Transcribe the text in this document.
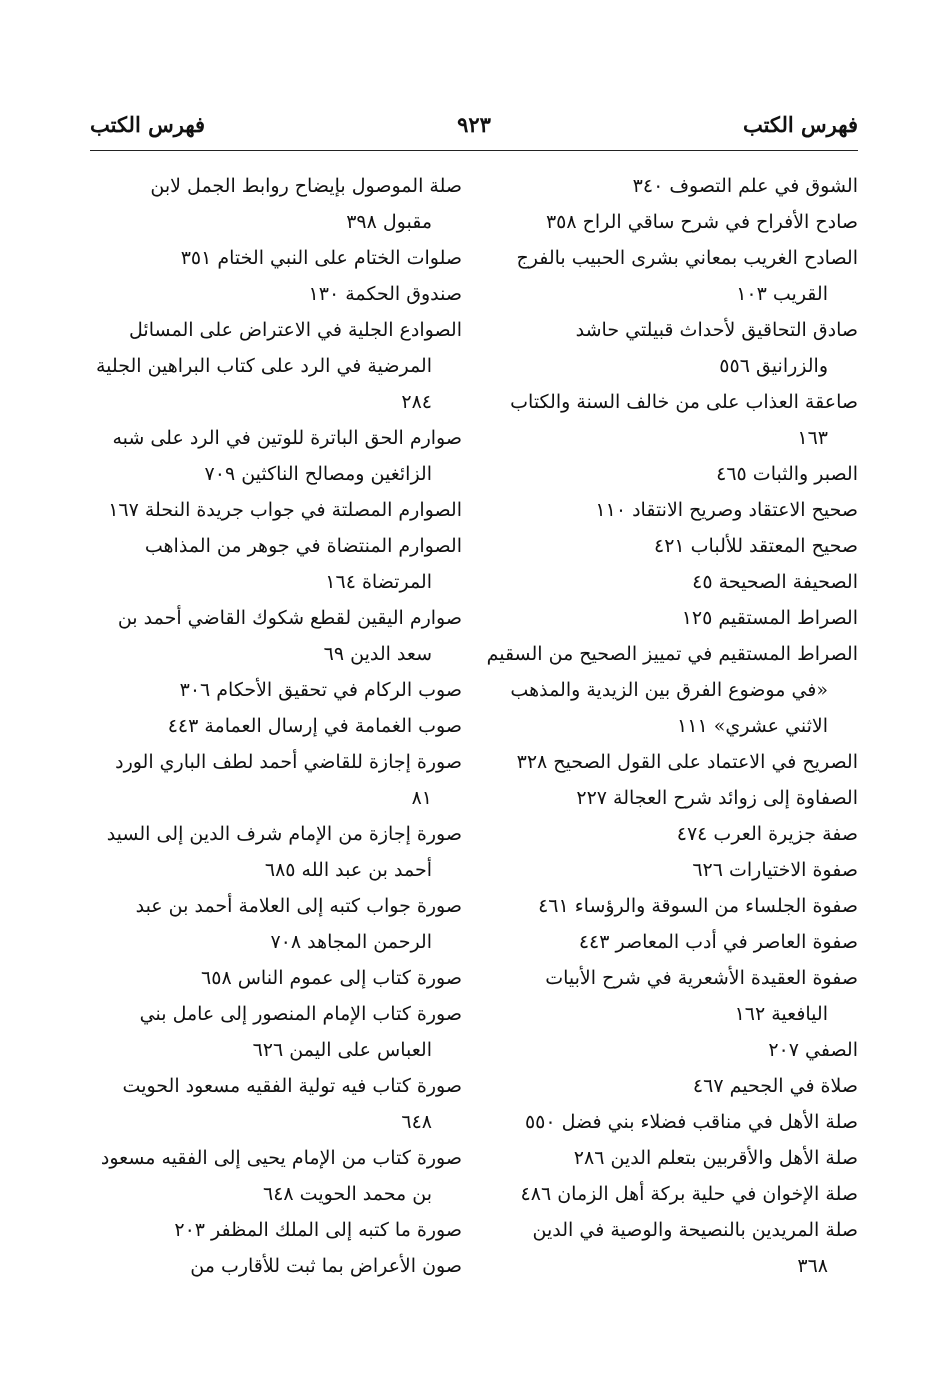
فهرس الكتب
٩٢٣
فهرس الكتب
الشوق في علم التصوف ٣٤٠
صادح الأفراح في شرح ساقي الراح ٣٥٨
الصادح الغريب بمعاني بشرى الحبيب بالفرج
القريب ١٠٣
صادق التحاقيق لأحداث قبيلتي حاشد
والزرانيق ٥٥٦
صاعقة العذاب على من خالف السنة والكتاب
١٦٣
الصبر والثبات ٤٦٥
صحيح الاعتقاد وصريح الانتقاد ١١٠
صحيح المعتقد للألباب ٤٢١
الصحيفة الصحيحة ٤٥
الصراط المستقيم ١٢٥
الصراط المستقيم في تمييز الصحيح من السقيم
«في موضوع الفرق بين الزيدية والمذهب
الاثني عشري» ١١١
الصريح في الاعتماد على القول الصحيح ٣٢٨
الصفاوة إلى زوائد شرح العجالة ٢٢٧
صفة جزيرة العرب ٤٧٤
صفوة الاختيارات ٦٢٦
صفوة الجلساء من السوقة والرؤساء ٤٦١
صفوة العاصر في أدب المعاصر ٤٤٣
صفوة العقيدة الأشعرية في شرح الأبيات
اليافعية ١٦٢
الصفي ٢٠٧
صلاة في الجحيم ٤٦٧
صلة الأهل في مناقب فضلاء بني فضل ٥٥٠
صلة الأهل والأقربين بتعلم الدين ٢٨٦
صلة الإخوان في حلية بركة أهل الزمان ٤٨٦
صلة المريدين بالنصيحة والوصية في الدين
٣٦٨
صلة الموصول بإيضاح روابط الجمل لابن
مقبول ٣٩٨
صلوات الختام على النبي الختام ٣٥١
صندوق الحكمة ١٣٠
الصوادع الجلية في الاعتراض على المسائل
المرضية في الرد على كتاب البراهين الجلية
٢٨٤
صوارم الحق الباترة للوتين في الرد على شبه
الزائغين ومصالح الناكثين ٧٠٩
الصوارم المصلتة في جواب جريدة النحلة ١٦٧
الصوارم المنتضاة في جوهر من المذاهب
المرتضاة ١٦٤
صوارم اليقين لقطع شكوك القاضي أحمد بن
سعد الدين ٦٩
صوب الركام في تحقيق الأحكام ٣٠٦
صوب الغمامة في إرسال العمامة ٤٤٣
صورة إجازة للقاضي أحمد لطف الباري الورد
٨١
صورة إجازة من الإمام شرف الدين إلى السيد
أحمد بن عبد الله ٦٨٥
صورة جواب كتبه إلى العلامة أحمد بن عبد
الرحمن المجاهد ٧٠٨
صورة كتاب إلى عموم الناس ٦٥٨
صورة كتاب الإمام المنصور إلى عامل بني
العباس على اليمن ٦٢٦
صورة كتاب فيه تولية الفقيه مسعود الحويت
٦٤٨
صورة كتاب من الإمام يحيى إلى الفقيه مسعود
بن محمد الحويت ٦٤٨
صورة ما كتبه إلى الملك المظفر ٢٠٣
صون الأعراض بما ثبت للأقارب من
